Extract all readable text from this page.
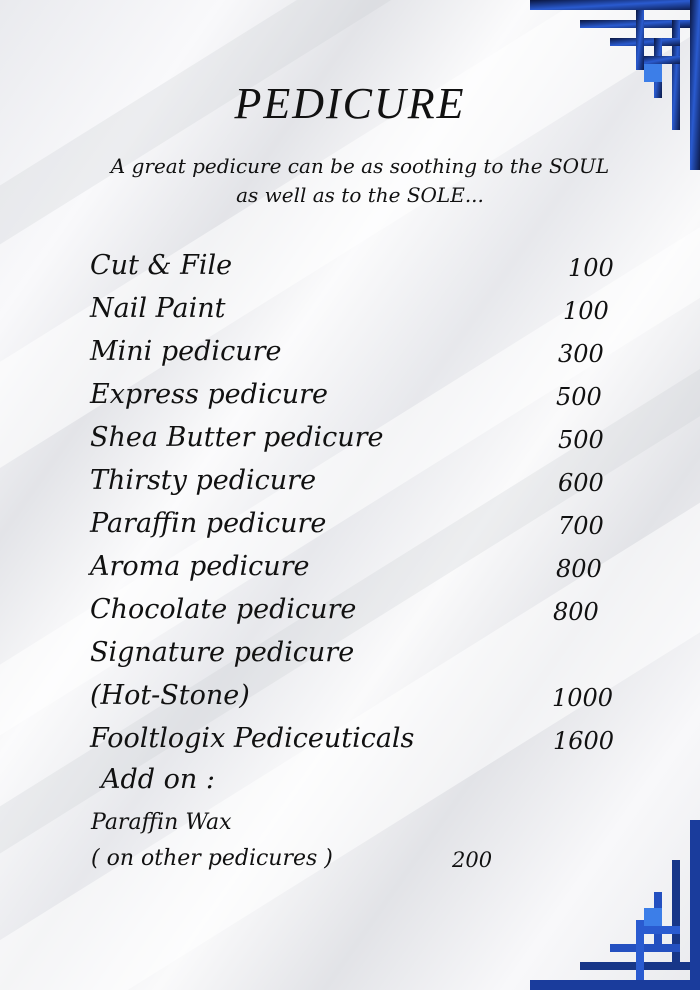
PEDICURE
A great pedicure can be as soothing to the SOUL
as well as to the SOLE...
Cut & File	100
Nail Paint	100
Mini pedicure	300
Express pedicure	500
Shea Butter pedicure	500
Thirsty pedicure	600
Paraffin pedicure	700
Aroma pedicure	800
Chocolate pedicure	800
Signature pedicure
(Hot-Stone)	1000
Fooltlogix Pediceuticals	1600
Add on :
Paraffin Wax
( on other pedicures )	200
